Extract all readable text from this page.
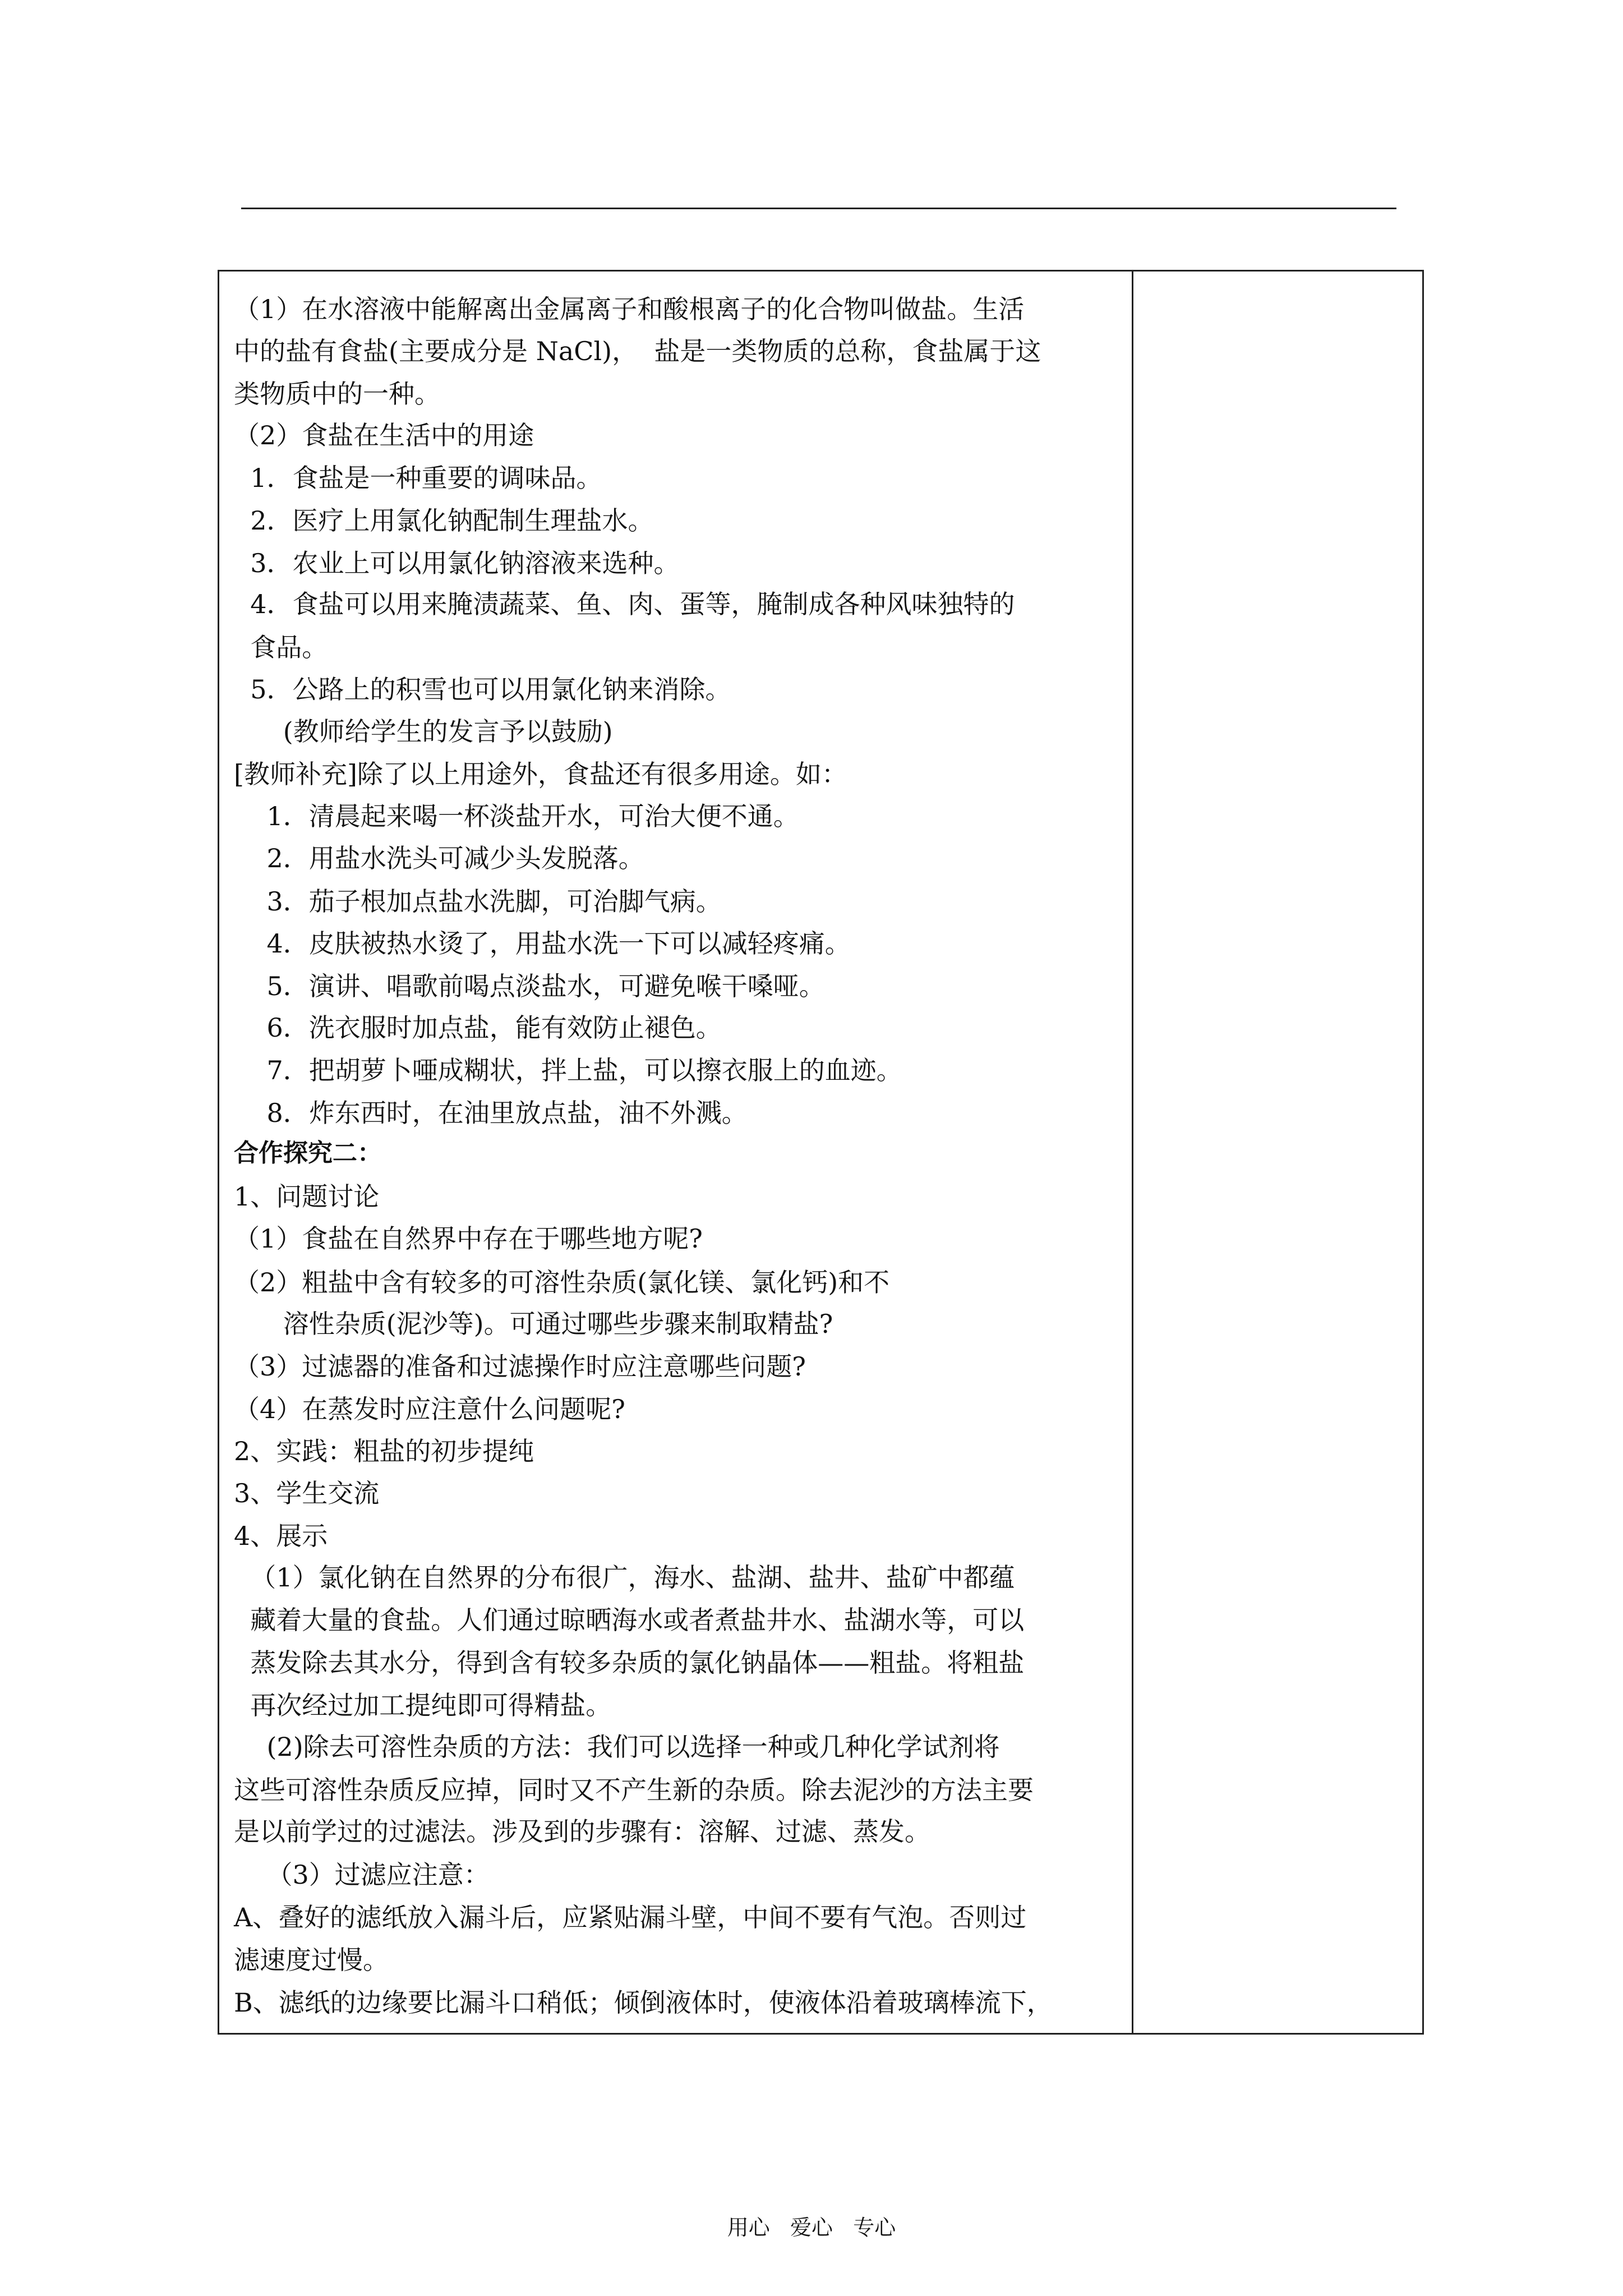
（1）在水溶液中能解离出金属离子和酸根离子的化合物叫做盐。生活
中的盐有食盐(主要成分是 NaCl)，  盐是一类物质的总称，食盐属于这
类物质中的一种。
（2）食盐在生活中的用途
1．食盐是一种重要的调味品。
2．医疗上用氯化钠配制生理盐水。
3．农业上可以用氯化钠溶液来选种。
4．食盐可以用来腌渍蔬菜、鱼、肉、蛋等，腌制成各种风味独特的
食品。
5．公路上的积雪也可以用氯化钠来消除。
(教师给学生的发言予以鼓励)
[教师补充]除了以上用途外，食盐还有很多用途。如：
1．清晨起来喝一杯淡盐开水，可治大便不通。
2．用盐水洗头可减少头发脱落。
3．茄子根加点盐水洗脚，可治脚气病。
4．皮肤被热水烫了，用盐水洗一下可以减轻疼痛。
5．演讲、唱歌前喝点淡盐水，可避免喉干嗓哑。
6．洗衣服时加点盐，能有效防止褪色。
7．把胡萝卜唖成糊状，拌上盐，可以擦衣服上的血迹。
8．炸东西时，在油里放点盐，油不外溅。
合作探究二：
1、问题讨论
（1）食盐在自然界中存在于哪些地方呢?
（2）粗盐中含有较多的可溶性杂质(氯化镁、氯化钙)和不
溶性杂质(泥沙等)。可通过哪些步骤来制取精盐?
（3）过滤器的准备和过滤操作时应注意哪些问题?
（4）在蒸发时应注意什么问题呢?
2、实践：粗盐的初步提纯
3、学生交流
4、展示
（1）氯化钠在自然界的分布很广，海水、盐湖、盐井、盐矿中都蕴
藏着大量的食盐。人们通过晾晒海水或者煮盐井水、盐湖水等，可以
蒸发除去其水分，得到含有较多杂质的氯化钠晶体——粗盐。将粗盐
再次经过加工提纯即可得精盐。
(2)除去可溶性杂质的方法：我们可以选择一种或几种化学试剂将
这些可溶性杂质反应掉，同时又不产生新的杂质。除去泥沙的方法主要
是以前学过的过滤法。涉及到的步骤有：溶解、过滤、蒸发。
（3）过滤应注意：
A、叠好的滤纸放入漏斗后，应紧贴漏斗壁，中间不要有气泡。否则过
滤速度过慢。
B、滤纸的边缘要比漏斗口稍低；倾倒液体时，使液体沿着玻璃棒流下，
用心   爱心   专心
